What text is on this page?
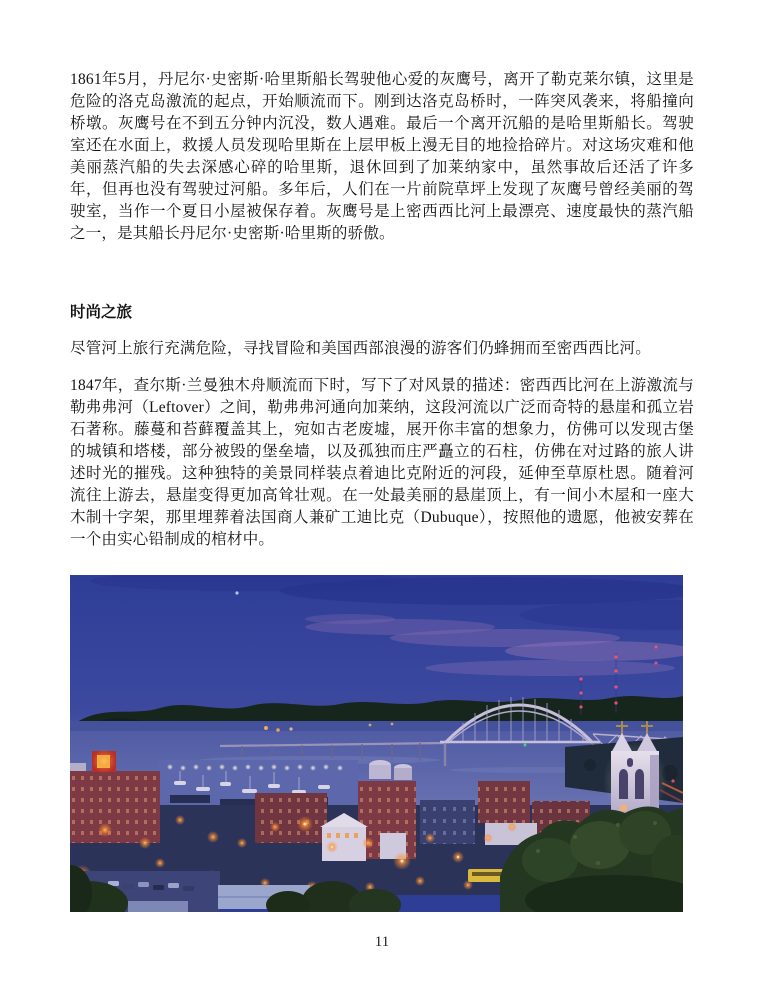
1861年5月，丹尼尔·史密斯·哈里斯船长驾驶他心爱的灰鹰号，离开了勒克莱尔镇，这里是危险的洛克岛激流的起点，开始顺流而下。刚到达洛克岛桥时，一阵突风袭来，将船撞向桥墩。灰鹰号在不到五分钟内沉没，数人遇难。最后一个离开沉船的是哈里斯船长。驾驶室还在水面上，救援人员发现哈里斯在上层甲板上漫无目的地捡拾碎片。对这场灾难和他美丽蒸汽船的失去深感心碎的哈里斯，退休回到了加莱纳家中，虽然事故后还活了许多年，但再也没有驾驶过河船。多年后，人们在一片前院草坪上发现了灰鹰号曾经美丽的驾驶室，当作一个夏日小屋被保存着。灰鹰号是上密西西比河上最漂亮、速度最快的蒸汽船之一，是其船长丹尼尔·史密斯·哈里斯的骄傲。

时尚之旅

尽管河上旅行充满危险，寻找冒险和美国西部浪漫的游客们仍蜂拥而至密西西比河。

1847年，查尔斯·兰曼独木舟顺流而下时，写下了对风景的描述：密西西比河在上游激流与勒弗弗河（Leftover）之间，勒弗弗河通向加莱纳，这段河流以广泛而奇特的悬崖和孤立岩石著称。藤蔓和苔藓覆盖其上，宛如古老废墟，展开你丰富的想象力，仿佛可以发现古堡的城镇和塔楼，部分被毁的堡垒墙，以及孤独而庄严矗立的石柱，仿佛在对过路的旅人讲述时光的摧残。这种独特的美景同样装点着迪比克附近的河段，延伸至草原杜恩。随着河流往上游去，悬崖变得更加高耸壮观。在一处最美丽的悬崖顶上，有一间小木屋和一座大木制十字架，那里埋葬着法国商人兼矿工迪比克（Dubuque），按照他的遗愿，他被安葬在一个由实心铅制成的棺材中。

11
